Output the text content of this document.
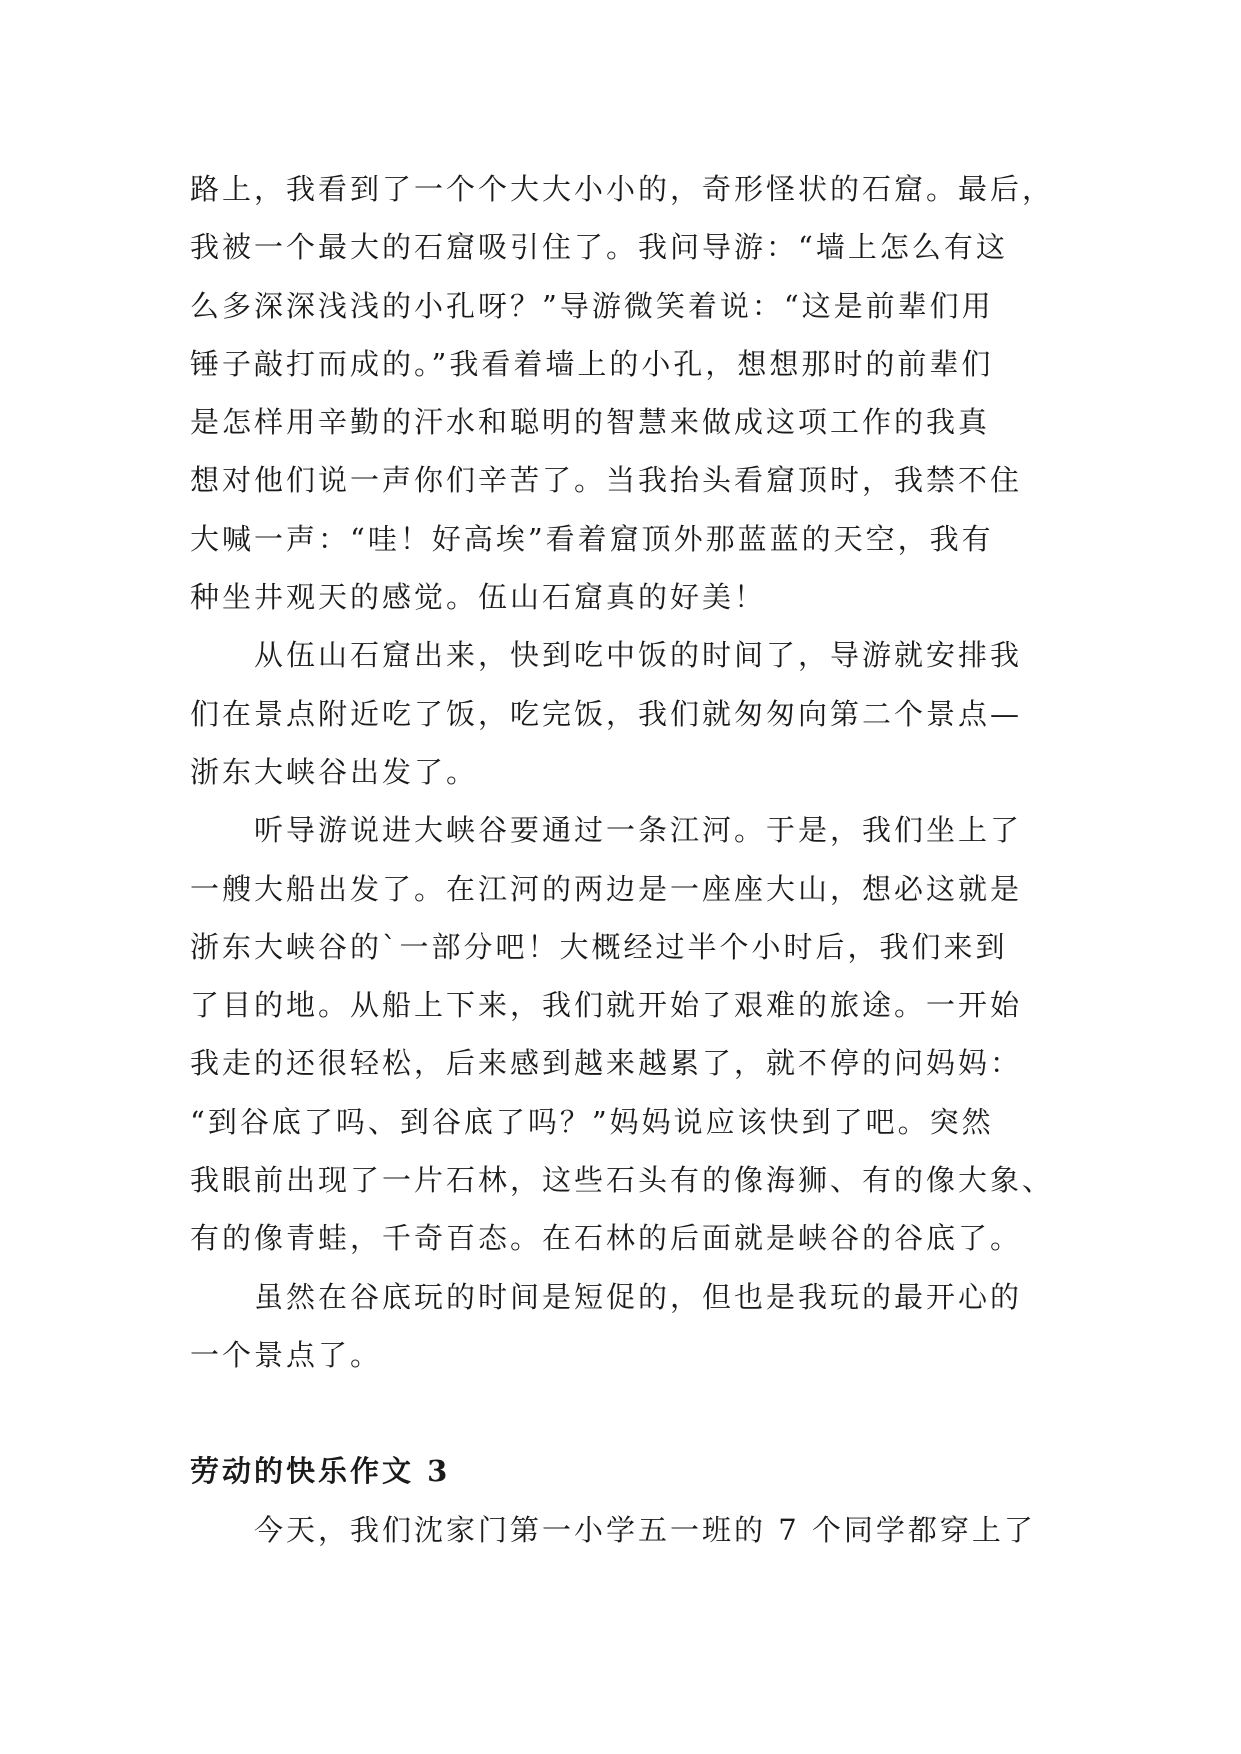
路上，我看到了一个个大大小小的，奇形怪状的石窟。最后，
我被一个最大的石窟吸引住了。我问导游：“墙上怎么有这
么多深深浅浅的小孔呀？”导游微笑着说：“这是前辈们用
锤子敲打而成的。”我看着墙上的小孔，想想那时的前辈们
是怎样用辛勤的汗水和聪明的智慧来做成这项工作的我真
想对他们说一声你们辛苦了。当我抬头看窟顶时，我禁不住
大喊一声：“哇！好高埃”看着窟顶外那蓝蓝的天空，我有
种坐井观天的感觉。伍山石窟真的好美！

从伍山石窟出来，快到吃中饭的时间了，导游就安排我
们在景点附近吃了饭，吃完饭，我们就匆匆向第二个景点—
浙东大峡谷出发了。

听导游说进大峡谷要通过一条江河。于是，我们坐上了
一艘大船出发了。在江河的两边是一座座大山，想必这就是
浙东大峡谷的`一部分吧！大概经过半个小时后，我们来到
了目的地。从船上下来，我们就开始了艰难的旅途。一开始
我走的还很轻松，后来感到越来越累了，就不停的问妈妈：
“到谷底了吗、到谷底了吗？”妈妈说应该快到了吧。突然
我眼前出现了一片石林，这些石头有的像海狮、有的像大象、
有的像青蛙，千奇百态。在石林的后面就是峡谷的谷底了。

虽然在谷底玩的时间是短促的，但也是我玩的最开心的
一个景点了。

劳动的快乐作文 3

今天，我们沈家门第一小学五一班的 7 个同学都穿上了
